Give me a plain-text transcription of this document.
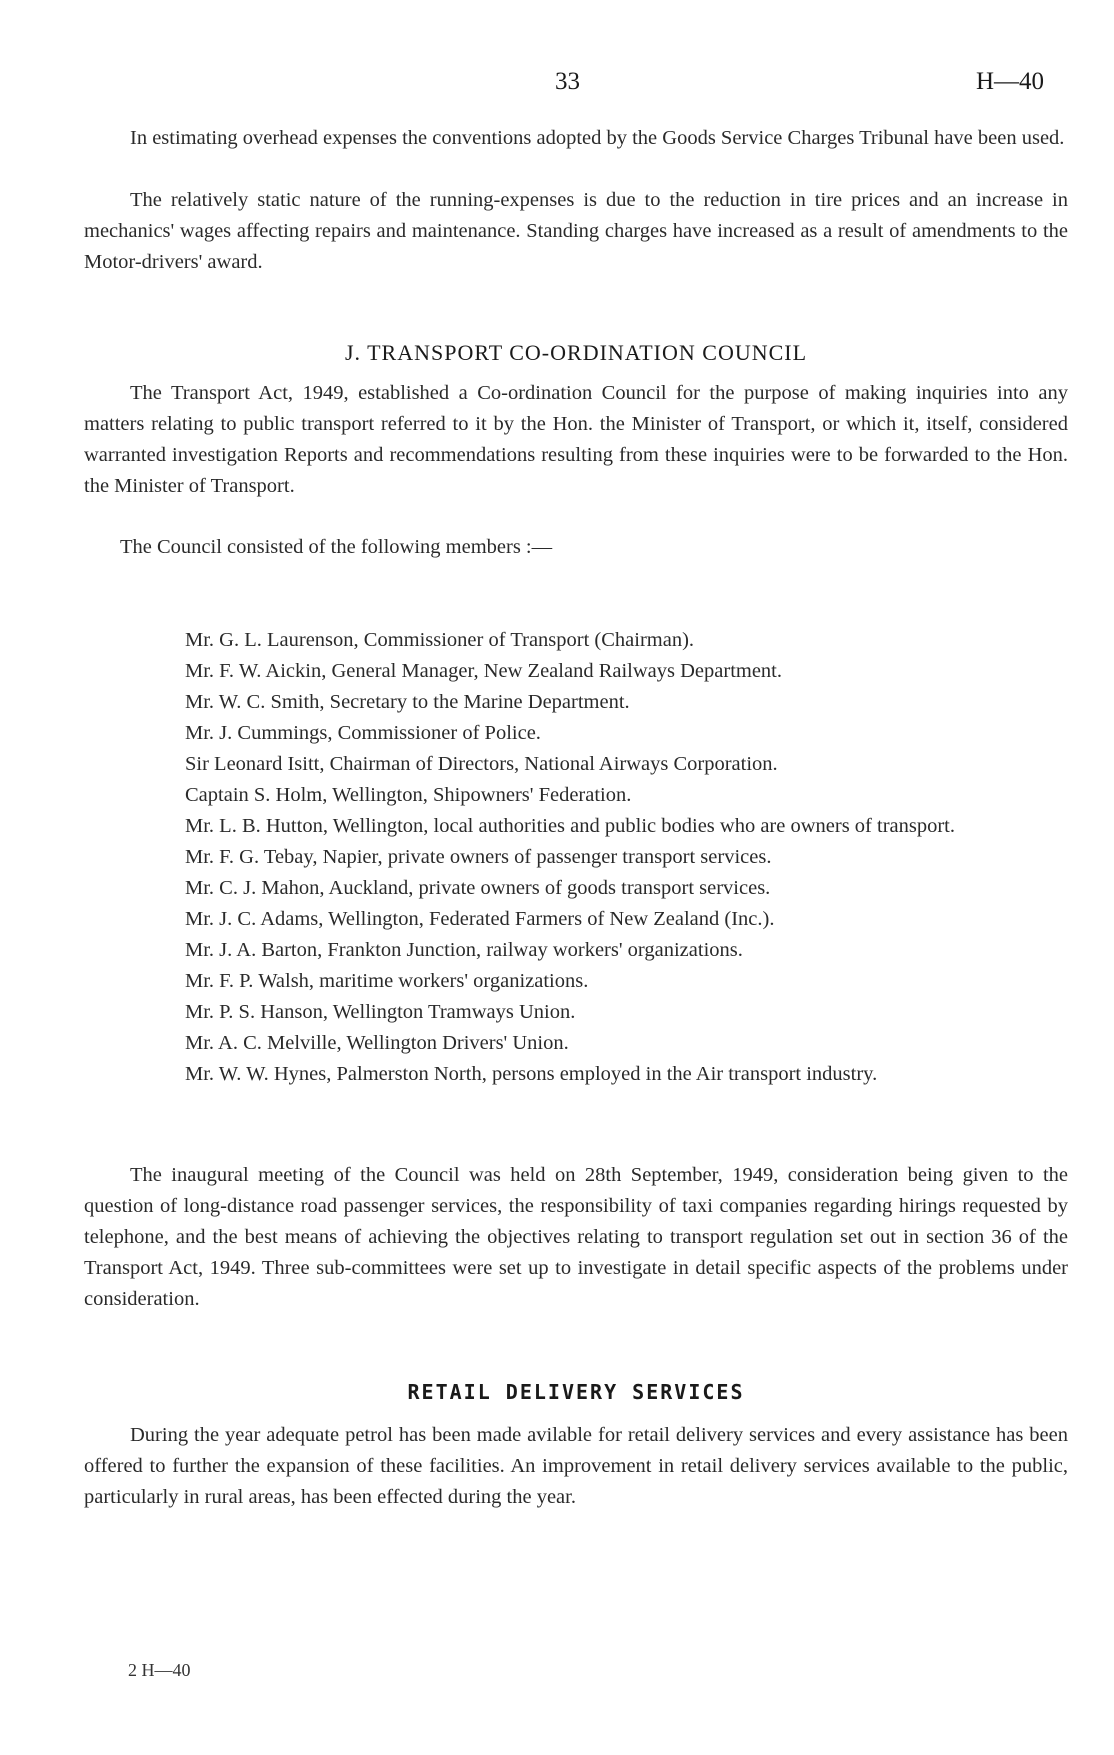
33	H—40

In estimating overhead expenses the conventions adopted by the Goods Service Charges Tribunal have been used.

The relatively static nature of the running-expenses is due to the reduction in tire prices and an increase in mechanics' wages affecting repairs and maintenance. Standing charges have increased as a result of amendments to the Motor-drivers' award.

J. TRANSPORT CO-ORDINATION COUNCIL

The Transport Act, 1949, established a Co-ordination Council for the purpose of making inquiries into any matters relating to public transport referred to it by the Hon. the Minister of Transport, or which it, itself, considered warranted investigation Reports and recommendations resulting from these inquiries were to be forwarded to the Hon. the Minister of Transport.

The Council consisted of the following members :—

Mr. G. L. Laurenson, Commissioner of Transport (Chairman).
Mr. F. W. Aickin, General Manager, New Zealand Railways Department.
Mr. W. C. Smith, Secretary to the Marine Department.
Mr. J. Cummings, Commissioner of Police.
Sir Leonard Isitt, Chairman of Directors, National Airways Corporation.
Captain S. Holm, Wellington, Shipowners' Federation.
Mr. L. B. Hutton, Wellington, local authorities and public bodies who are owners of transport.
Mr. F. G. Tebay, Napier, private owners of passenger transport services.
Mr. C. J. Mahon, Auckland, private owners of goods transport services.
Mr. J. C. Adams, Wellington, Federated Farmers of New Zealand (Inc.).
Mr. J. A. Barton, Frankton Junction, railway workers' organizations.
Mr. F. P. Walsh, maritime workers' organizations.
Mr. P. S. Hanson, Wellington Tramways Union.
Mr. A. C. Melville, Wellington Drivers' Union.
Mr. W. W. Hynes, Palmerston North, persons employed in the Air transport industry.

The inaugural meeting of the Council was held on 28th September, 1949, consideration being given to the question of long-distance road passenger services, the responsibility of taxi companies regarding hirings requested by telephone, and the best means of achieving the objectives relating to transport regulation set out in section 36 of the Transport Act, 1949. Three sub-committees were set up to investigate in detail specific aspects of the problems under consideration.

RETAIL DELIVERY SERVICES

During the year adequate petrol has been made avilable for retail delivery services and every assistance has been offered to further the expansion of these facilities. An improvement in retail delivery services available to the public, particularly in rural areas, has been effected during the year.

2 H—40
